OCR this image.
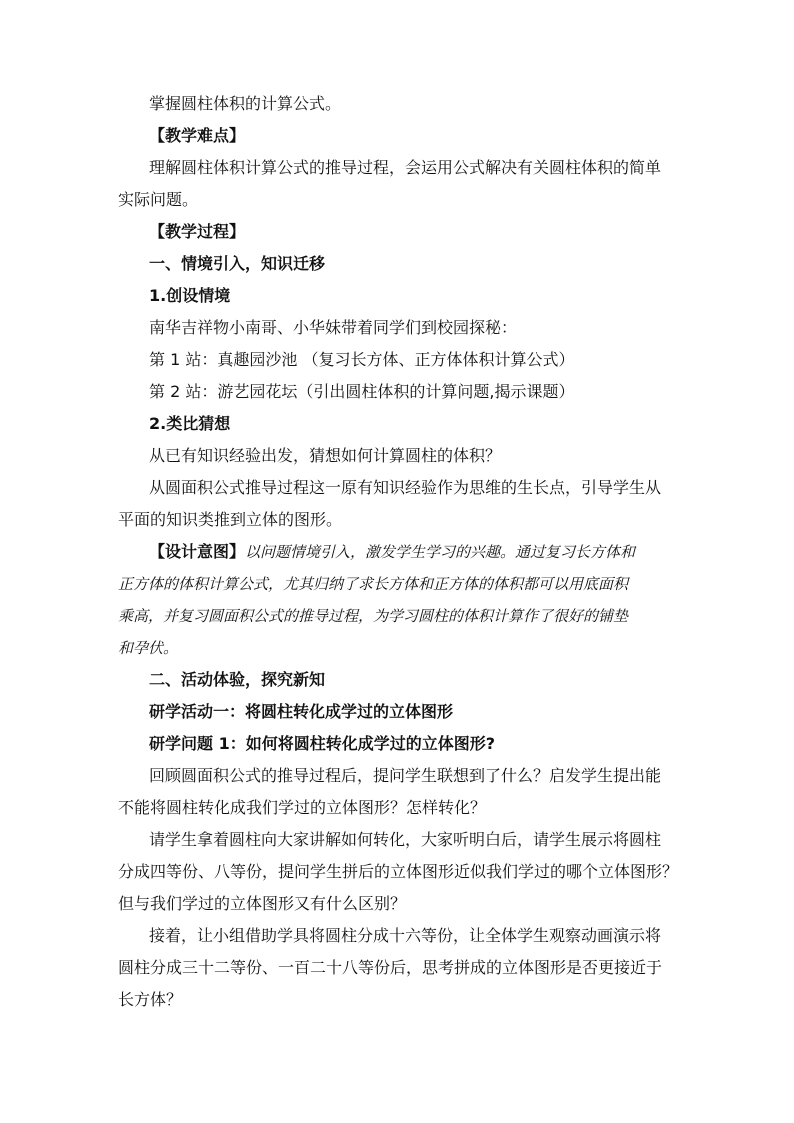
掌握圆柱体积的计算公式。
【教学难点】
理解圆柱体积计算公式的推导过程，会运用公式解决有关圆柱体积的简单
实际问题。
【教学过程】
一、情境引入，知识迁移
1.创设情境
南华吉祥物小南哥、小华妹带着同学们到校园探秘：
第 1 站：真趣园沙池 （复习长方体、正方体体积计算公式）
第 2 站：游艺园花坛（引出圆柱体积的计算问题,揭示课题）
2.类比猜想
从已有知识经验出发，猜想如何计算圆柱的体积？
从圆面积公式推导过程这一原有知识经验作为思维的生长点，引导学生从
平面的知识类推到立体的图形。
【设计意图】以问题情境引入，激发学生学习的兴趣。通过复习长方体和
正方体的体积计算公式，尤其归纳了求长方体和正方体的体积都可以用底面积
乘高，并复习圆面积公式的推导过程，为学习圆柱的体积计算作了很好的铺垫
和孕伏。
二、活动体验，探究新知
研学活动一：将圆柱转化成学过的立体图形
研学问题 1：如何将圆柱转化成学过的立体图形?
回顾圆面积公式的推导过程后，提问学生联想到了什么？启发学生提出能
不能将圆柱转化成我们学过的立体图形？怎样转化？
请学生拿着圆柱向大家讲解如何转化，大家听明白后，请学生展示将圆柱
分成四等份、八等份，提问学生拼后的立体图形近似我们学过的哪个立体图形？
但与我们学过的立体图形又有什么区别？
接着，让小组借助学具将圆柱分成十六等份，让全体学生观察动画演示将
圆柱分成三十二等份、一百二十八等份后，思考拼成的立体图形是否更接近于
长方体？
